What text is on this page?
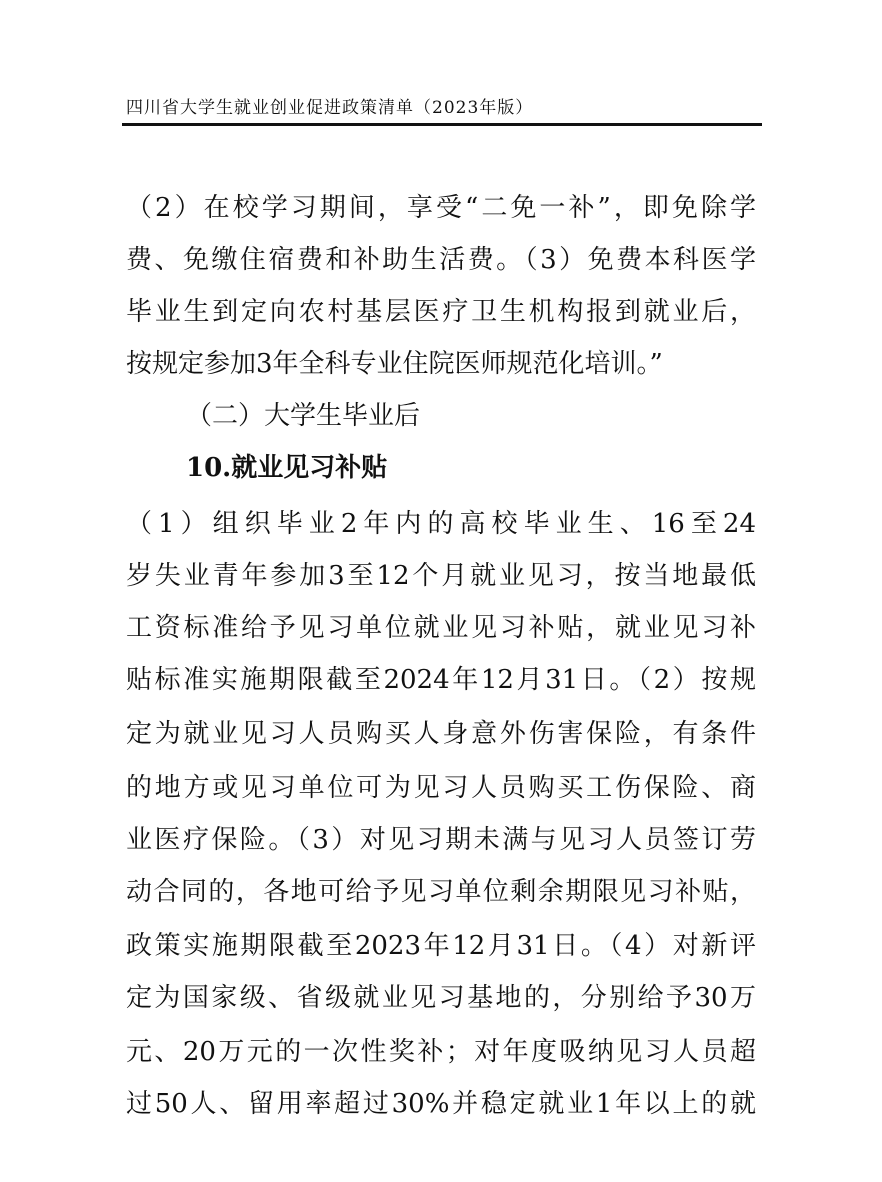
四川省大学生就业创业促进政策清单（2023年版）
（2）在校学习期间，享受“二免一补”，即免除学
费、免缴住宿费和补助生活费。（3）免费本科医学
毕业生到定向农村基层医疗卫生机构报到就业后，
按规定参加3年全科专业住院医师规范化培训。”
（二）大学生毕业后
10.就业见习补贴
（1）组织毕业2年内的高校毕业生、16至24
岁失业青年参加3至12个月就业见习，按当地最低
工资标准给予见习单位就业见习补贴，就业见习补
贴标准实施期限截至2024年12月31日。（2）按规
定为就业见习人员购买人身意外伤害保险，有条件
的地方或见习单位可为见习人员购买工伤保险、商
业医疗保险。（3）对见习期未满与见习人员签订劳
动合同的，各地可给予见习单位剩余期限见习补贴，
政策实施期限截至2023年12月31日。（4）对新评
定为国家级、省级就业见习基地的，分别给予30万
元、20万元的一次性奖补；对年度吸纳见习人员超
过50人、留用率超过30%并稳定就业1年以上的就
